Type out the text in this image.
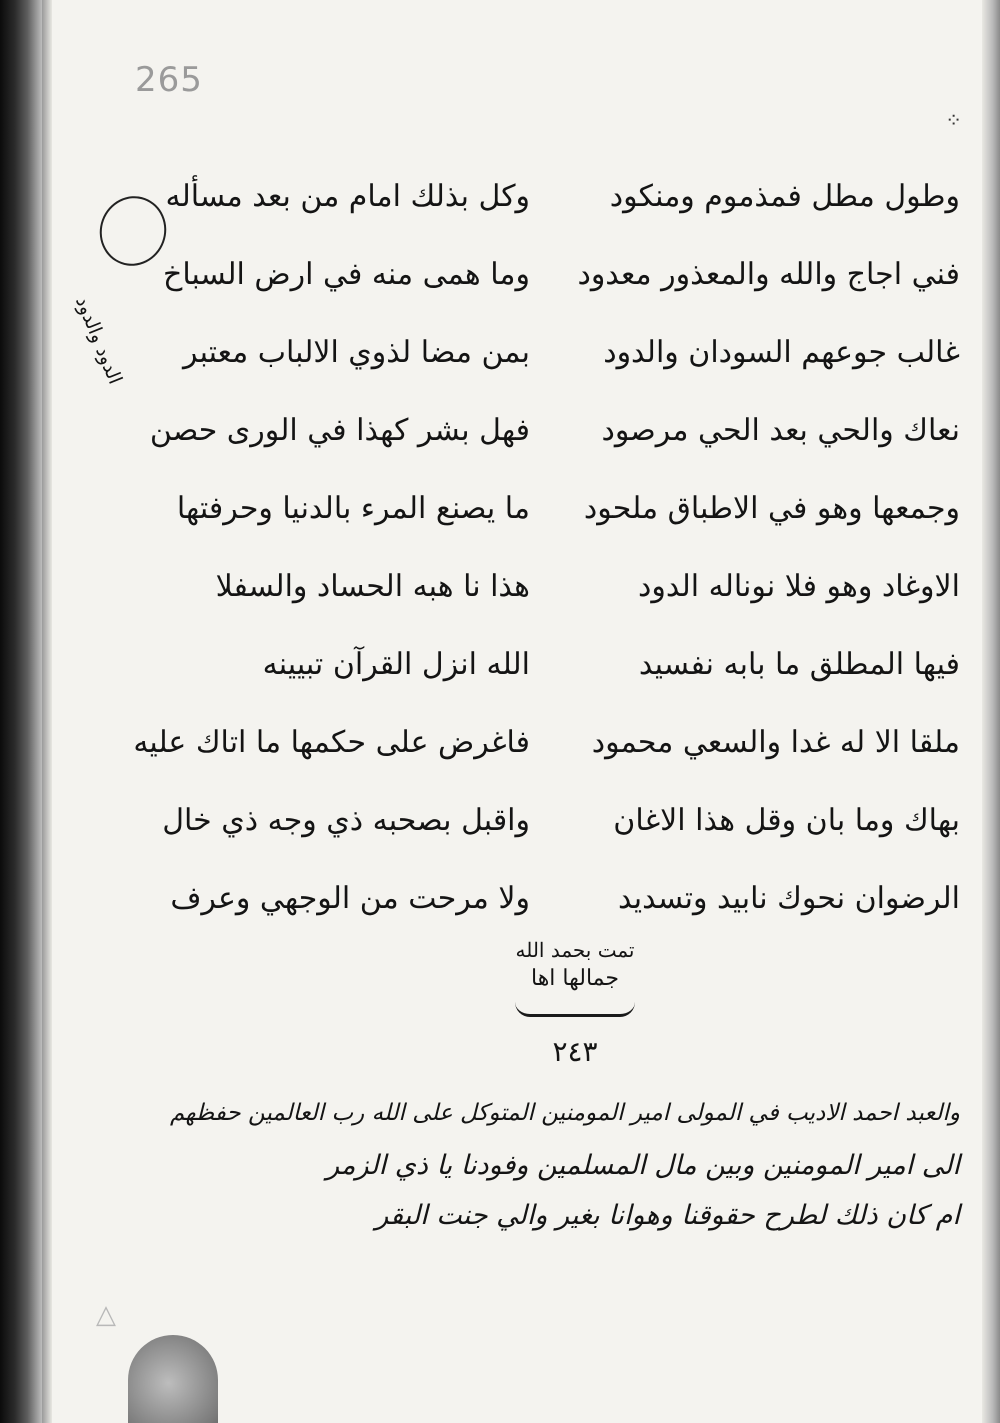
265
الدود والدود
⁘
وكل بذلك امام من بعد مسأله	وطول مطل فمذموم ومنكود
وما همى منه في ارض السباخ	فني اجاج والله والمعذور معدود
بمن مضا لذوي الالباب معتبر	غالب جوعهم السودان والدود
فهل بشر كهذا في الورى حصن	نعاك والحي بعد الحي مرصود
ما يصنع المرء بالدنيا وحرفتها	وجمعها وهو في الاطباق ملحود
هذا نا هبه الحساد والسفلا	الاوغاد وهو فلا نوناله الدود
الله انزل القرآن تبيينه	فيها المطلق ما بابه نفسيد
فاغرض على حكمها ما اتاك عليه	ملقا الا له غدا والسعي محمود
واقبل بصحبه ذي وجه ذي خال	بهاك وما بان وقل هذا الاغان
ولا مرحت من الوجهي وعرف	الرضوان نحوك نابيد وتسديد
تمت بحمد الله
جمالها اها
٢٤٣
والعبد احمد الاديب في المولى امير المومنين المتوكل على الله رب العالمين حفظهم
الى امير المومنين وبين مال المسلمين وفودنا يا ذي الزمر
ام كان ذلك لطرح حقوقنا وهوانا بغير والي جنت البقر
△
